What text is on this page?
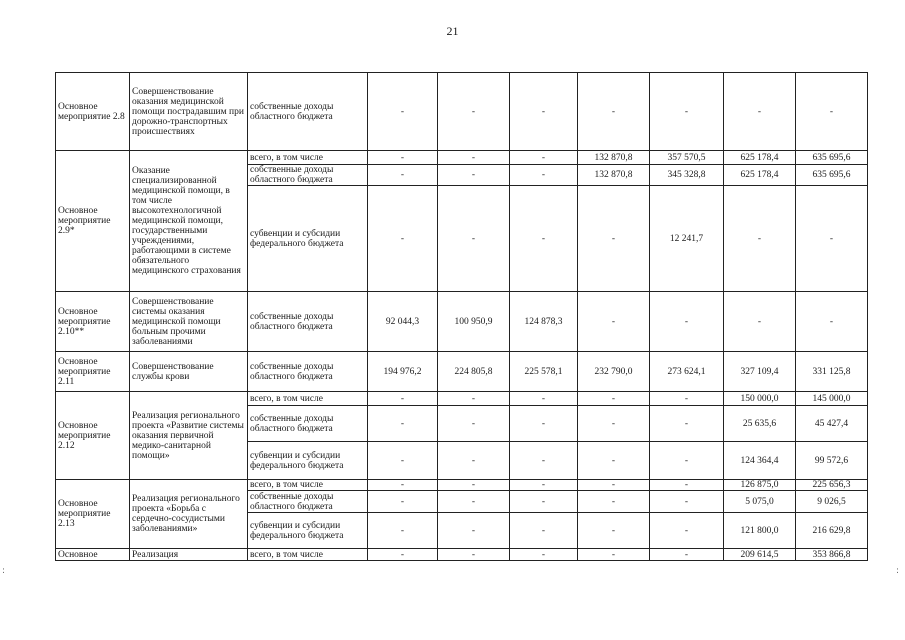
21
:	:
Основное мероприятие 2.8	Совершенствование оказания медицинской помощи пострадавшим при дорожно-транспортных происшествиях	собственные доходы областного бюджета	-	-	-	-	-	-	-
Основное мероприятие 2.9*	Оказание специализированной медицинской помощи, в том числе высокотехнологичной медицинской помощи, государственными учреждениями, работающими в системе обязательного медицинского страхования	всего, в том числе	-	-	-	132 870,8	357 570,5	625 178,4	635 695,6
		собственные доходы областного бюджета	-	-	-	132 870,8	345 328,8	625 178,4	635 695,6
		субвенции и субсидии федерального бюджета	-	-	-	-	12 241,7	-	-
Основное мероприятие 2.10**	Совершенствование системы оказания медицинской помощи больным прочими заболеваниями	собственные доходы областного бюджета	92 044,3	100 950,9	124 878,3	-	-	-	-
Основное мероприятие 2.11	Совершенствование службы крови	собственные доходы областного бюджета	194 976,2	224 805,8	225 578,1	232 790,0	273 624,1	327 109,4	331 125,8
Основное мероприятие 2.12	Реализация регионального проекта «Развитие системы оказания первичной медико-санитарной помощи»	всего, в том числе	-	-	-	-	-	150 000,0	145 000,0
		собственные доходы областного бюджета	-	-	-	-	-	25 635,6	45 427,4
		субвенции и субсидии федерального бюджета	-	-	-	-	-	124 364,4	99 572,6
Основное мероприятие 2.13	Реализация регионального проекта «Борьба с сердечно-сосудистыми заболеваниями»	всего, в том числе	-	-	-	-	-	126 875,0	225 656,3
		собственные доходы областного бюджета	-	-	-	-	-	5 075,0	9 026,5
		субвенции и субсидии федерального бюджета	-	-	-	-	-	121 800,0	216 629,8
Основное	Реализация	всего, в том числе	-	-	-	-	-	209 614,5	353 866,8
